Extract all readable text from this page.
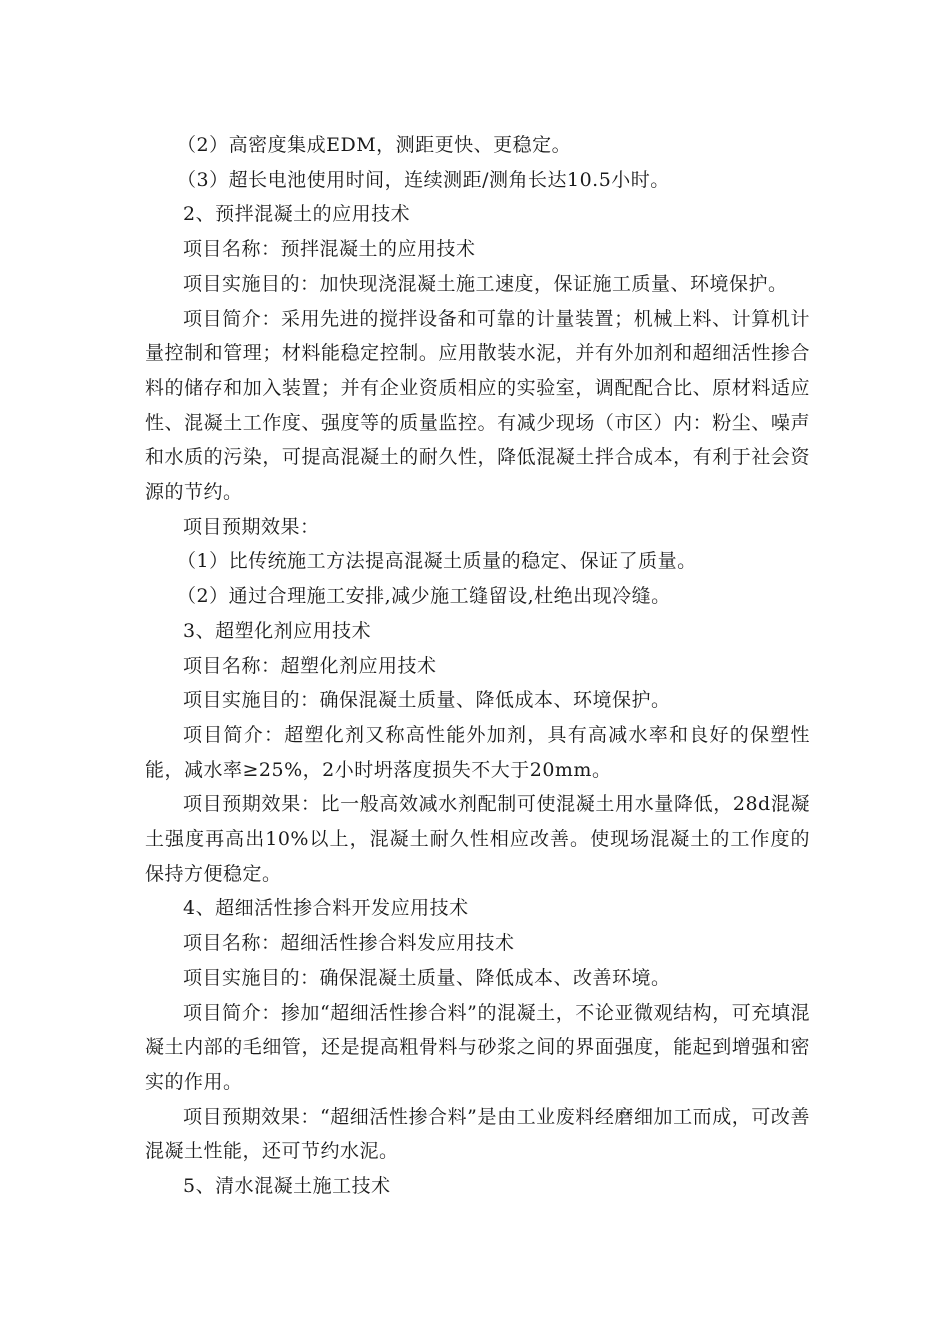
（2）高密度集成EDM，测距更快、更稳定。

（3）超长电池使用时间，连续测距/测角长达10.5小时。

2、预拌混凝土的应用技术

项目名称：预拌混凝土的应用技术

项目实施目的：加快现浇混凝土施工速度，保证施工质量、环境保护。

项目简介：采用先进的搅拌设备和可靠的计量装置；机械上料、计算机计量控制和管理；材料能稳定控制。应用散装水泥，并有外加剂和超细活性掺合料的储存和加入装置；并有企业资质相应的实验室，调配配合比、原材料适应性、混凝土工作度、强度等的质量监控。有减少现场（市区）内：粉尘、噪声和水质的污染，可提高混凝土的耐久性，降低混凝土拌合成本，有利于社会资源的节约。

项目预期效果：

（1）比传统施工方法提高混凝土质量的稳定、保证了质量。

（2）通过合理施工安排,减少施工缝留设,杜绝出现冷缝。

3、超塑化剂应用技术

项目名称：超塑化剂应用技术

项目实施目的：确保混凝土质量、降低成本、环境保护。

项目简介：超塑化剂又称高性能外加剂，具有高减水率和良好的保塑性能，减水率≥25%，2小时坍落度损失不大于20mm。

项目预期效果：比一般高效减水剂配制可使混凝土用水量降低，28d混凝土强度再高出10%以上，混凝土耐久性相应改善。使现场混凝土的工作度的保持方便稳定。

4、超细活性掺合料开发应用技术

项目名称：超细活性掺合料发应用技术

项目实施目的：确保混凝土质量、降低成本、改善环境。

项目简介：掺加“超细活性掺合料”的混凝土，不论亚微观结构，可充填混凝土内部的毛细管，还是提高粗骨料与砂浆之间的界面强度，能起到增强和密实的作用。

项目预期效果：“超细活性掺合料”是由工业废料经磨细加工而成，可改善混凝土性能，还可节约水泥。

5、清水混凝土施工技术
